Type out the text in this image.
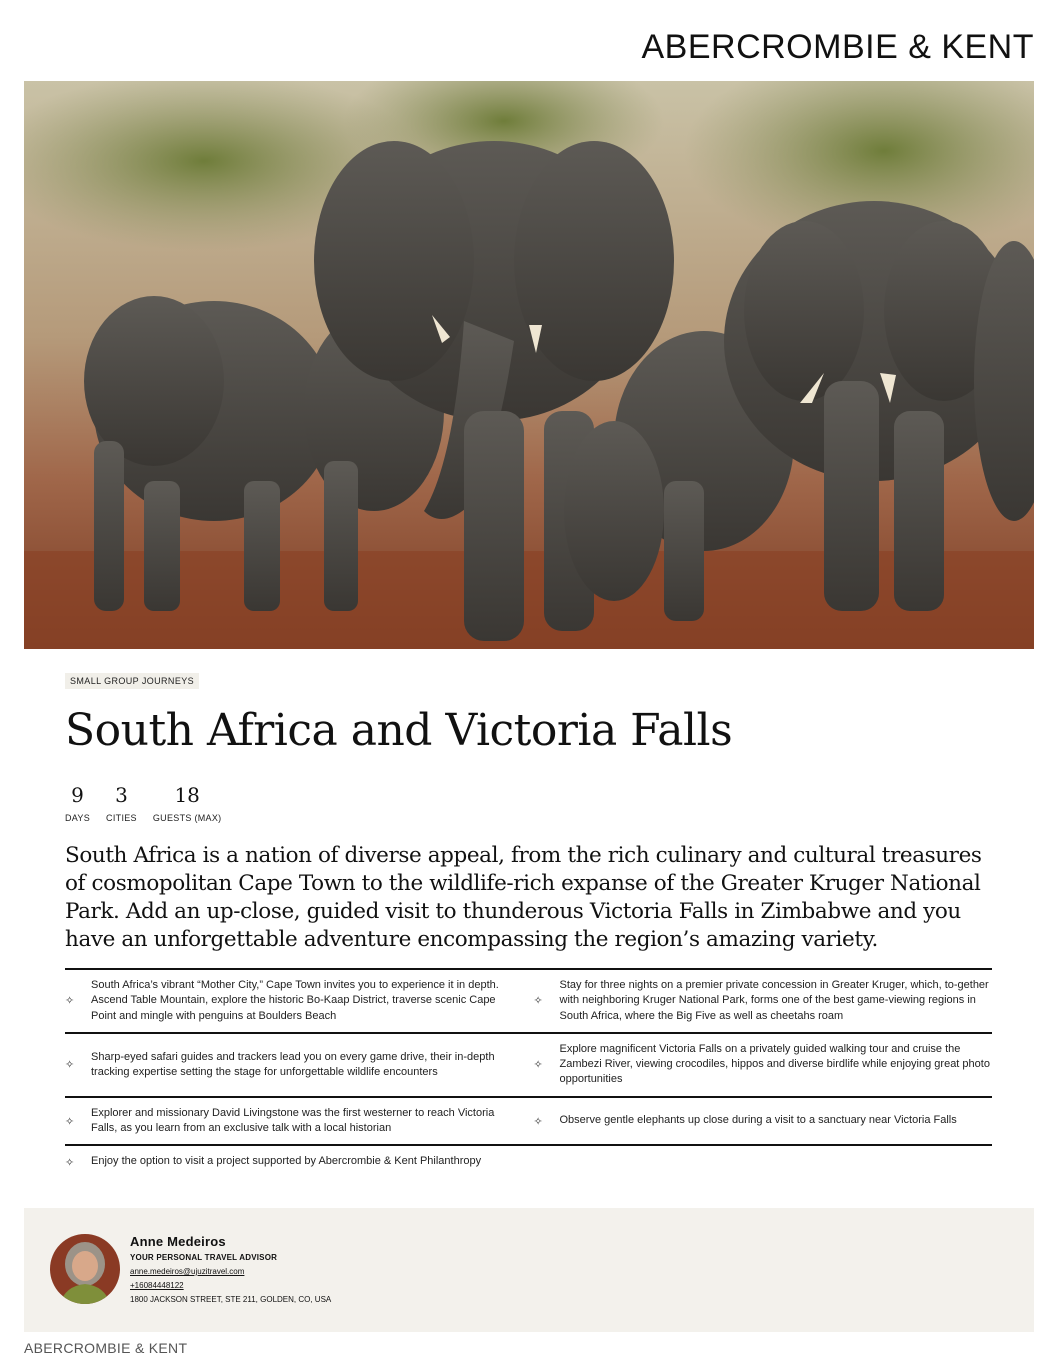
ABERCROMBIE & KENT
SMALL GROUP JOURNEYS
South Africa and Victoria Falls
9
DAYS
3
CITIES
18
GUESTS (MAX)

South Africa is a nation of diverse appeal, from the rich culinary and cultural treasures of cosmopolitan Cape Town to the wildlife-rich expanse of the Greater Kruger National Park. Add an up-close, guided visit to thunderous Victoria Falls in Zimbabwe and you have an unforgettable adventure encompassing the region’s amazing variety.

✧
South Africa’s vibrant “Mother City,” Cape Town invites you to experience it in depth. Ascend Table Mountain, explore the historic Bo-Kaap District, traverse scenic Cape Point and mingle with penguins at Boulders Beach
✧
Stay for three nights on a premier private concession in Greater Kruger, which, to-gether with neighboring Kruger National Park, forms one of the best game-viewing regions in South Africa, where the Big Five as well as cheetahs roam
✧
Sharp-eyed safari guides and trackers lead you on every game drive, their in-depth tracking expertise setting the stage for unforgettable wildlife encounters
✧
Explore magnificent Victoria Falls on a privately guided walking tour and cruise the Zambezi River, viewing crocodiles, hippos and diverse birdlife while enjoying great photo opportunities
✧
Explorer and missionary David Livingstone was the first westerner to reach Victoria Falls, as you learn from an exclusive talk with a local historian
✧	Observe gentle elephants up close during a visit to a sanctuary near Victoria Falls
✧	Enjoy the option to visit a project supported by Abercrombie & Kent Philanthropy
Anne Medeiros
YOUR PERSONAL TRAVEL ADVISOR
anne.medeiros@ujuzitravel.com
+16084448122
1800 JACKSON STREET, STE 211, GOLDEN, CO, USA
ABERCROMBIE & KENT
